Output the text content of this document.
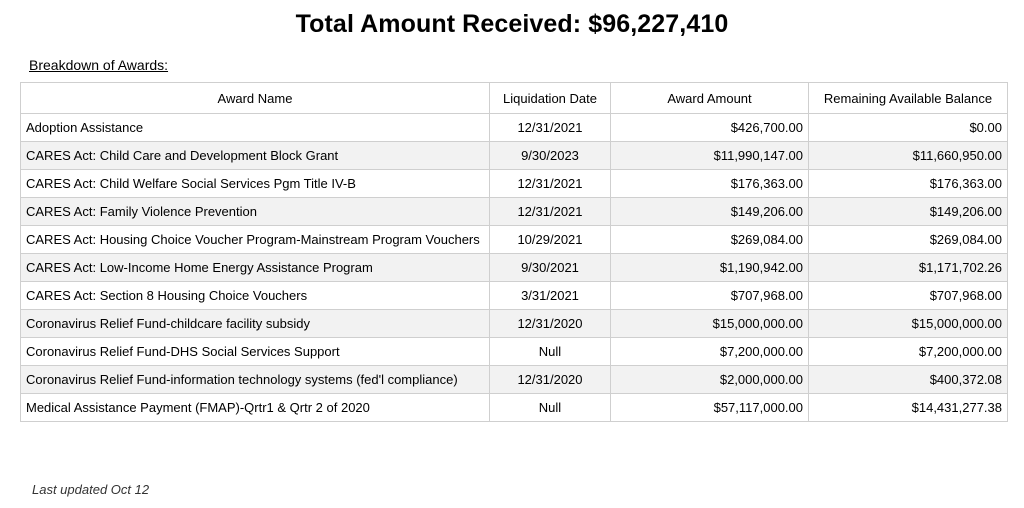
Total Amount Received: $96,227,410
Breakdown of Awards:
Award Name	Liquidation Date	Award Amount	Remaining Available Balance
Adoption Assistance	12/31/2021	$426,700.00	$0.00
CARES Act: Child Care and Development Block Grant	9/30/2023	$11,990,147.00	$11,660,950.00
CARES Act: Child Welfare Social Services Pgm Title IV-B	12/31/2021	$176,363.00	$176,363.00
CARES Act: Family Violence Prevention	12/31/2021	$149,206.00	$149,206.00
CARES Act: Housing Choice Voucher Program-Mainstream Program Vouchers	10/29/2021	$269,084.00	$269,084.00
CARES Act: Low-Income Home Energy Assistance Program	9/30/2021	$1,190,942.00	$1,171,702.26
CARES Act: Section 8 Housing Choice Vouchers	3/31/2021	$707,968.00	$707,968.00
Coronavirus Relief Fund-childcare facility subsidy	12/31/2020	$15,000,000.00	$15,000,000.00
Coronavirus Relief Fund-DHS Social Services Support	Null	$7,200,000.00	$7,200,000.00
Coronavirus Relief Fund-information technology systems (fed'l compliance)	12/31/2020	$2,000,000.00	$400,372.08
Medical Assistance Payment (FMAP)-Qrtr1 & Qrtr 2 of 2020	Null	$57,117,000.00	$14,431,277.38
Last updated Oct 12
